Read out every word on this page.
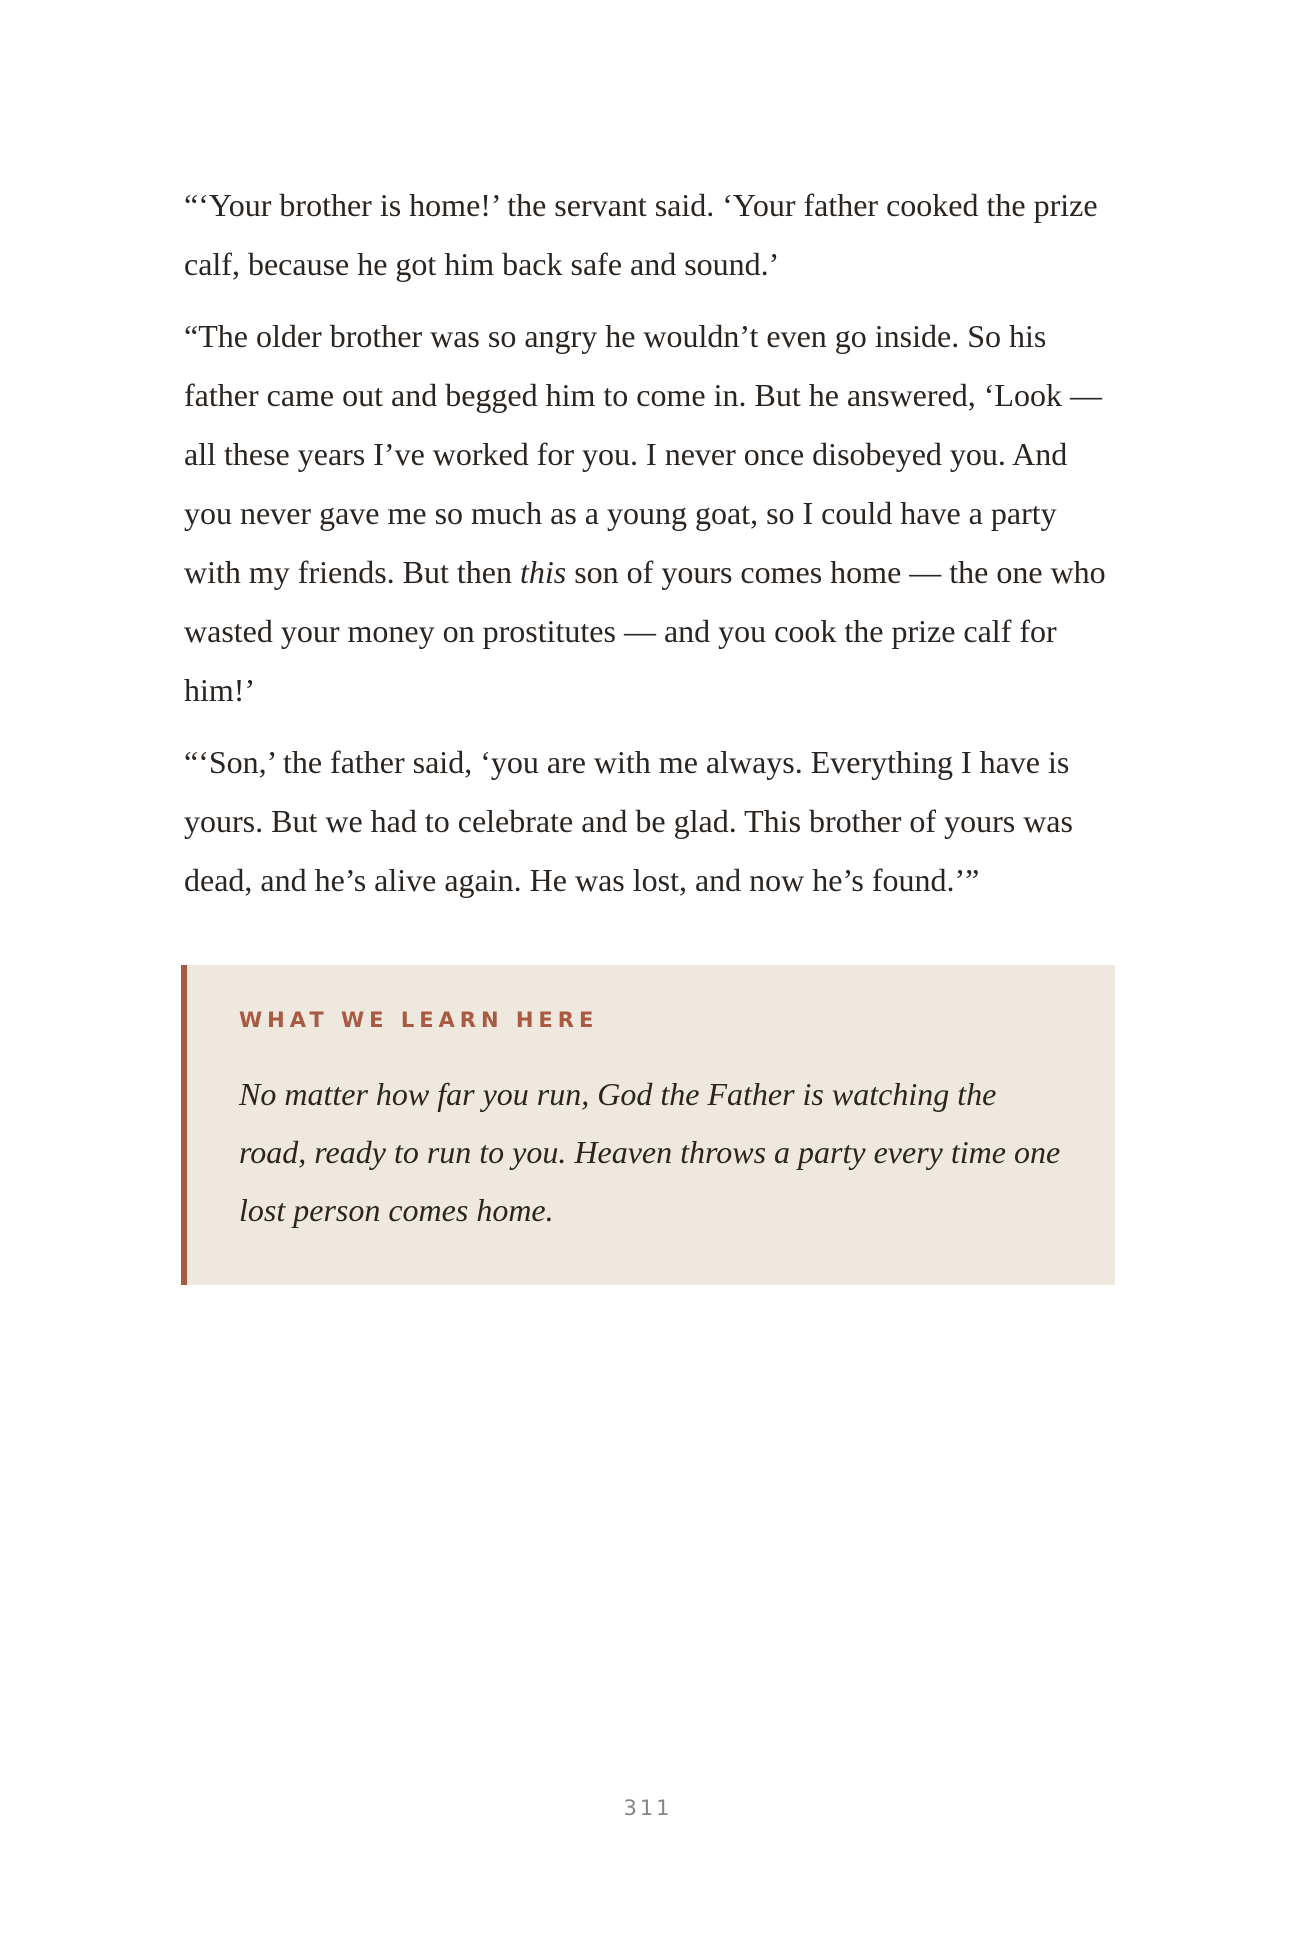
“‘Your brother is home!’ the servant said. ‘Your father cooked the prize calf, because he got him back safe and sound.’

“The older brother was so angry he wouldn’t even go inside. So his father came out and begged him to come in. But he answered, ‘Look — all these years I’ve worked for you. I never once disobeyed you. And you never gave me so much as a young goat, so I could have a party with my friends. But then this son of yours comes home — the one who wasted your money on prostitutes — and you cook the prize calf for him!’

“‘Son,’ the father said, ‘you are with me always. Everything I have is yours. But we had to celebrate and be glad. This brother of yours was dead, and he’s alive again. He was lost, and now he’s found.’”

WHAT WE LEARN HERE

No matter how far you run, God the Father is watching the road, ready to run to you. Heaven throws a party every time one lost person comes home.

311
